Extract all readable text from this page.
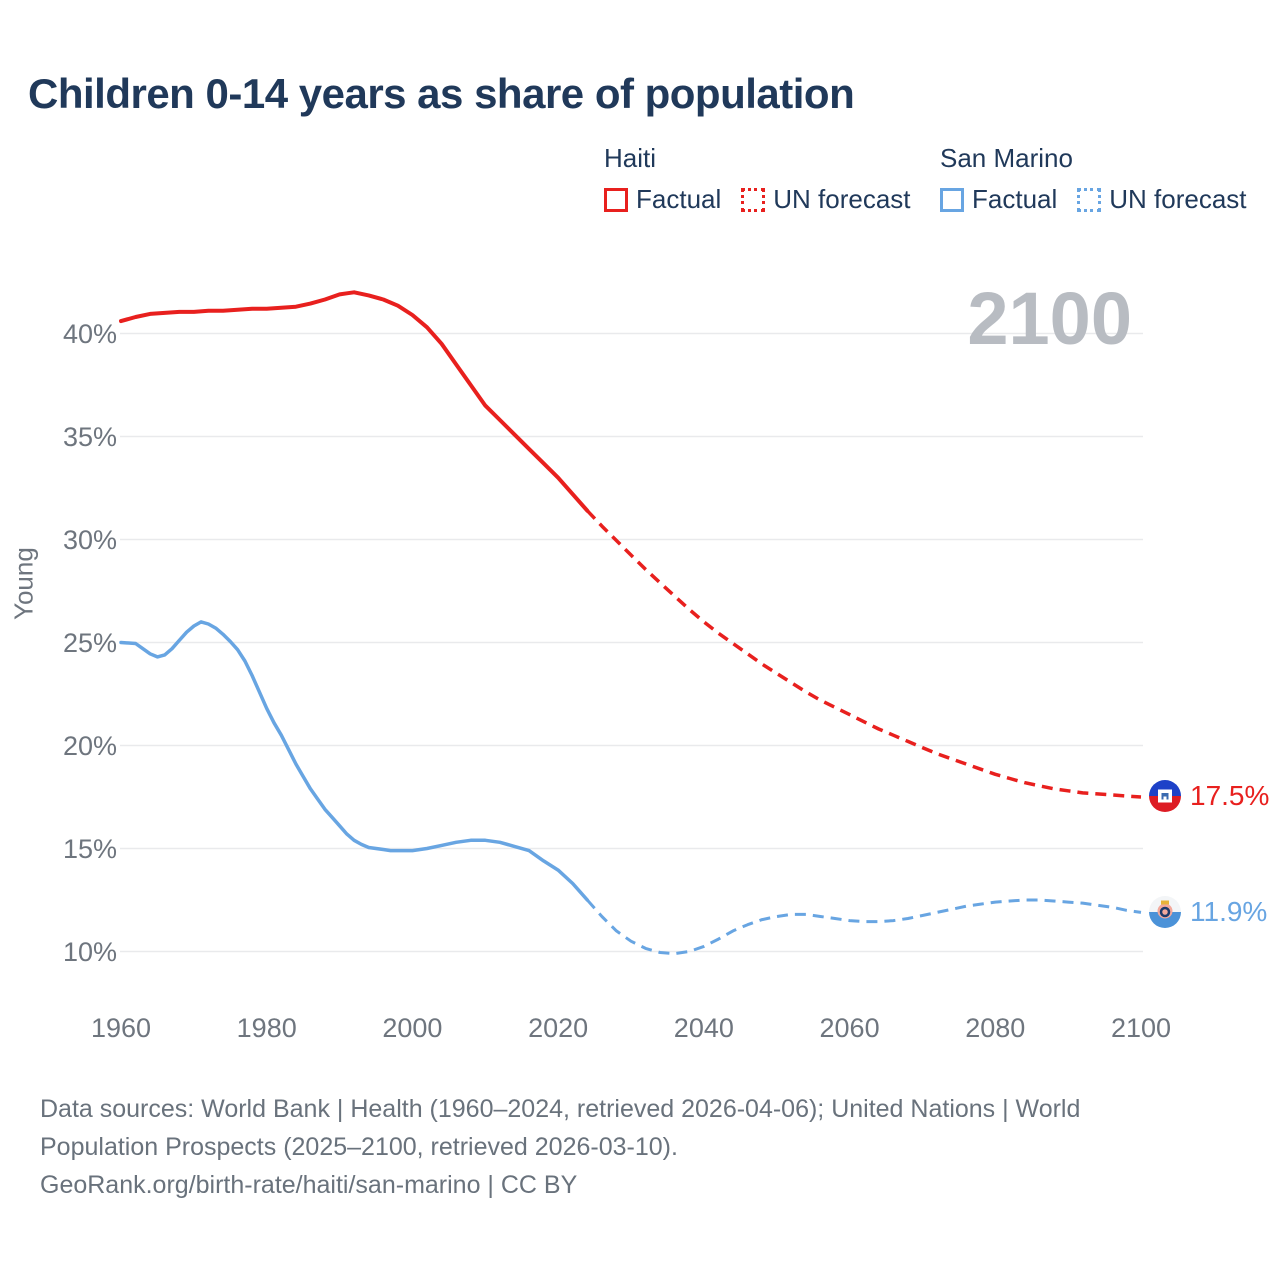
Children 0-14 years as share of population
2100
Haiti
Factual UN forecast
San Marino
Factual UN forecast
Young
40%
35%
30%
25%
20%
15%
10%
1960	1980	2000	2020	2040	2060	2080	2100
17.5%
11.9%
Data sources: World Bank | Health (1960–2024, retrieved 2026-04-06); United Nations | World
Population Prospects (2025–2100, retrieved 2026-03-10).
GeoRank.org/birth-rate/haiti/san-marino | CC BY
